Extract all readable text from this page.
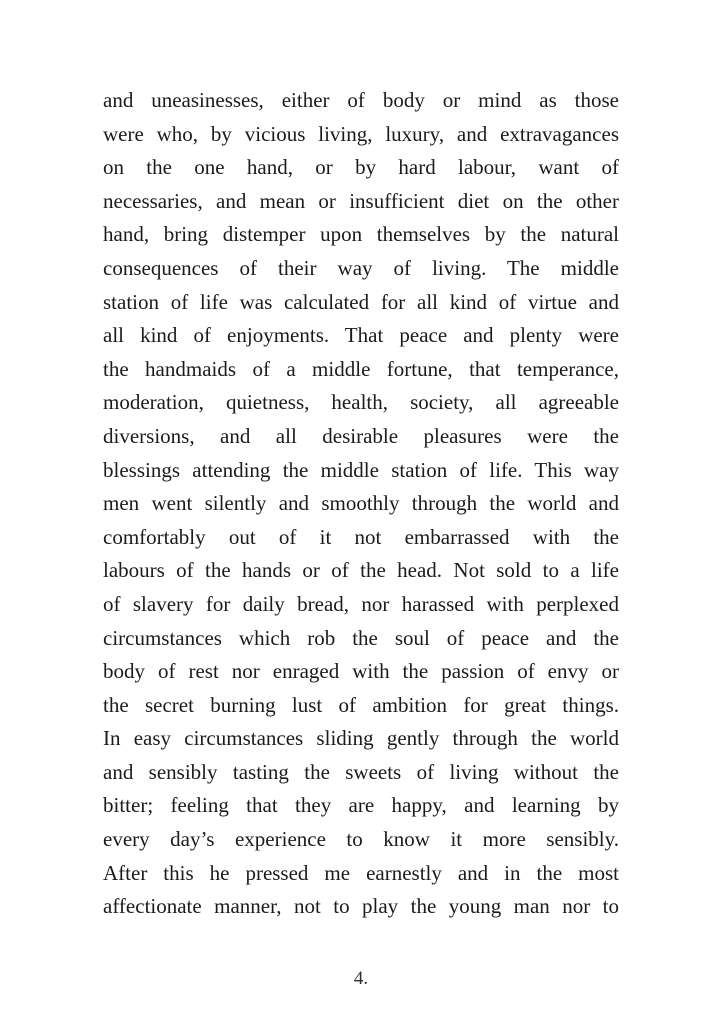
and uneasinesses, either of body or mind as those
were who, by vicious living, luxury, and extravagances
on the one hand, or by hard labour, want of
necessaries, and mean or insufficient diet on the other
hand, bring distemper upon themselves by the natural
consequences of their way of living. The middle
station of life was calculated for all kind of virtue and
all kind of enjoyments. That peace and plenty were
the handmaids of a middle fortune, that temperance,
moderation, quietness, health, society, all agreeable
diversions, and all desirable pleasures were the
blessings attending the middle station of life. This way
men went silently and smoothly through the world and
comfortably out of it not embarrassed with the
labours of the hands or of the head. Not sold to a life
of slavery for daily bread, nor harassed with perplexed
circumstances which rob the soul of peace and the
body of rest nor enraged with the passion of envy or
the secret burning lust of ambition for great things.
In easy circumstances sliding gently through the world
and sensibly tasting the sweets of living without the
bitter; feeling that they are happy, and learning by
every day’s experience to know it more sensibly.
After this he pressed me earnestly and in the most
affectionate manner, not to play the young man nor to
4.
